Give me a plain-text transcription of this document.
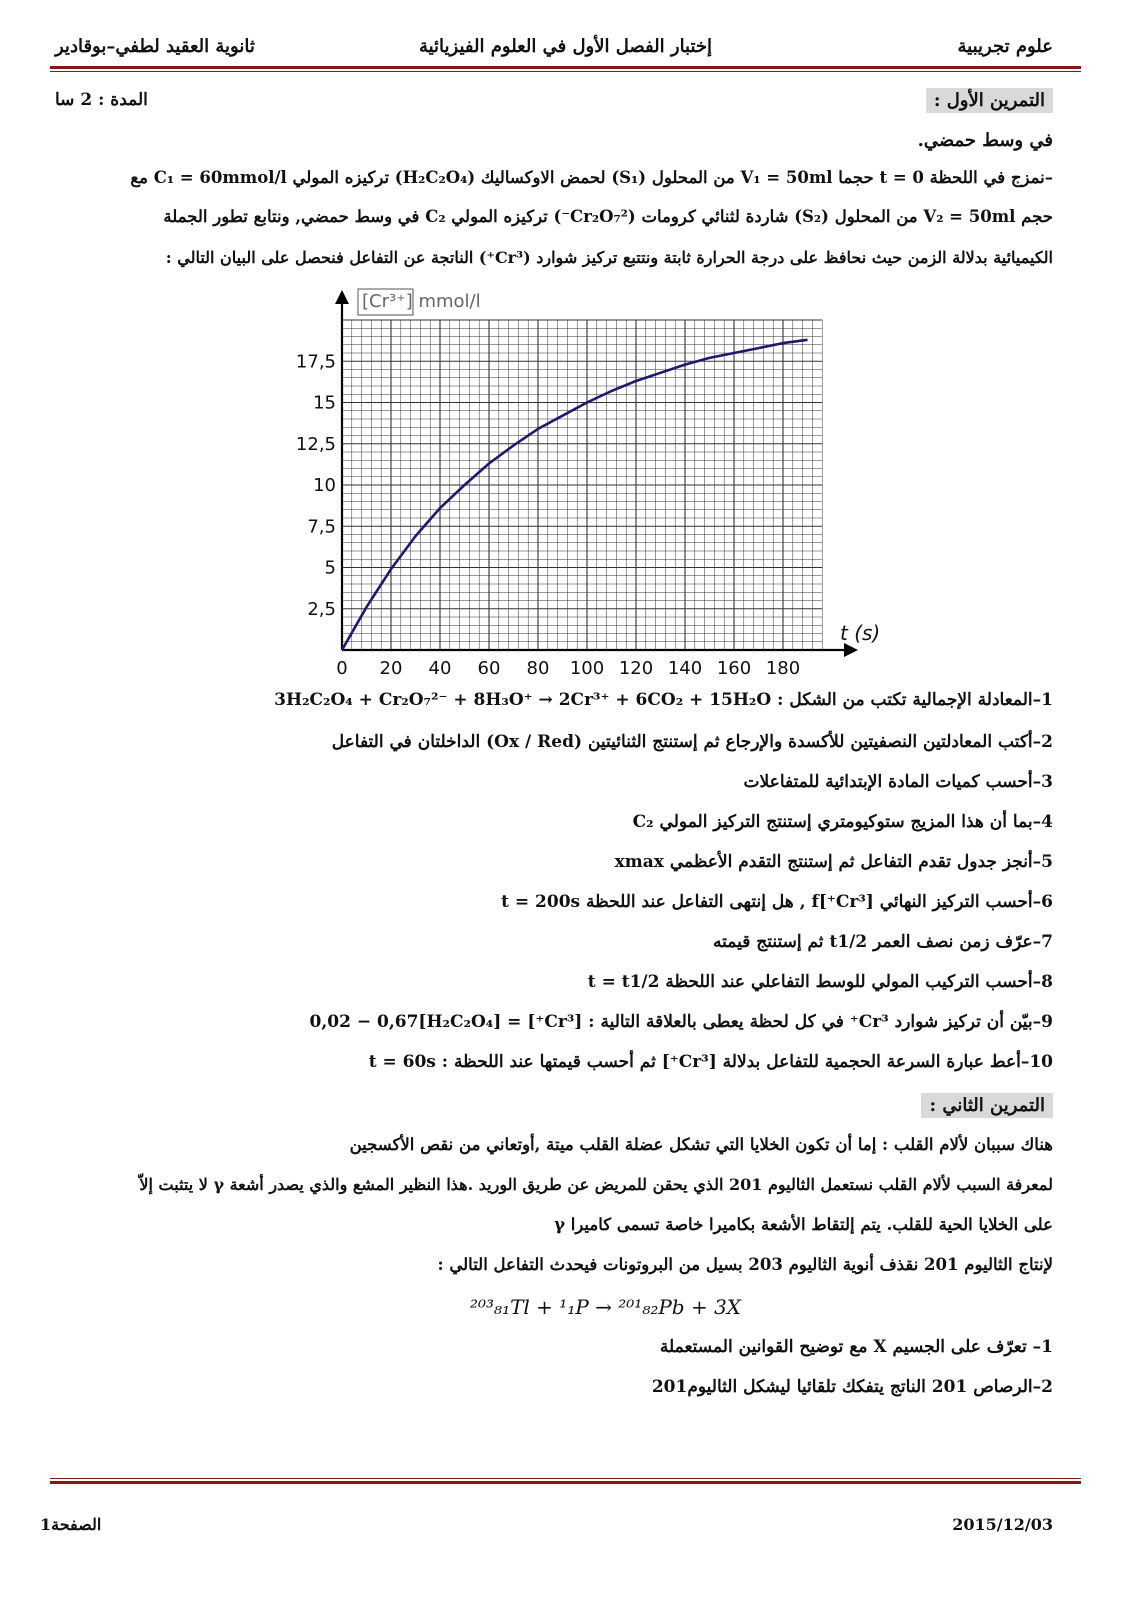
علوم تجريبية
إختبار الفصل الأول في العلوم الفيزيائية
ثانوية العقيد لطفي–بوقادير
التمرين الأول :
المدة : 2 سا
في وسط حمضي.
–نمزج في اللحظة t = 0 حجما V₁ = 50ml من المحلول (S₁) لحمض الاوكساليك (H₂C₂O₄) تركيزه المولي C₁ = 60mmol/l مع
حجم V₂ = 50ml من المحلول (S₂) شاردة لثنائي كرومات (Cr₂O₇²⁻) تركيزه المولي C₂ في وسط حمضي, ونتابع تطور الجملة
الكيميائية بدلالة الزمن حيث نحافظ على درجة الحرارة ثابتة ونتتبع تركيز شوارد (Cr³⁺) الناتجة عن التفاعل فنحصل على البيان التالي :
0 20 40 60 80 100 120 140 160 180
2,5
5
7,5
10
12,5
15
17,5
[Cr³⁺] mmol/l
t (s)
1–المعادلة الإجمالية تكتب من الشكل : 3H₂C₂O₄ + Cr₂O₇²⁻ + 8H₃O⁺ → 2Cr³⁺ + 6CO₂ + 15H₂O
2–أكتب المعادلتين النصفيتين للأكسدة والإرجاع ثم إستنتج الثنائيتين (Ox / Red) الداخلتان في التفاعل
3–أحسب كميات المادة الإبتدائية للمتفاعلات
4–بما أن هذا المزيج ستوكيومتري إستنتج التركيز المولي C₂
5–أنجز جدول تقدم التفاعل ثم إستنتج التقدم الأعظمي xmax
6–أحسب التركيز النهائي [Cr³⁺]f , هل إنتهى التفاعل عند اللحظة t = 200s
7–عرّف زمن نصف العمر t1/2 ثم إستنتج قيمته
8–أحسب التركيب المولي للوسط التفاعلي عند اللحظة t = t1/2
9–بيّن أن تركيز شوارد Cr³⁺ في كل لحظة يعطى بالعلاقة التالية : [Cr³⁺] = 0,02 − 0,67[H₂C₂O₄]
10–أعط عبارة السرعة الحجمية للتفاعل بدلالة [Cr³⁺] ثم أحسب قيمتها عند اللحظة : t = 60s
التمرين الثاني :
هناك سببان لألام القلب : إما أن تكون الخلايا التي تشكل عضلة القلب ميتة ,أوتعاني من نقص الأكسجين
لمعرفة السبب لألام القلب نستعمل الثاليوم 201 الذي يحقن للمريض عن طريق الوريد .هذا النظير المشع والذي يصدر أشعة γ لا يتثبت إلاّ
على الخلايا الحية للقلب. يتم إلتقاط الأشعة بكاميرا خاصة تسمى كاميرا γ
لإنتاج الثاليوم 201 نقذف أنوية الثاليوم 203 بسيل من البروتونات فيحدث التفاعل التالي :
²⁰³₈₁Tl + ¹₁P → ²⁰¹₈₂Pb + 3X
1– تعرّف على الجسيم X مع توضيح القوانين المستعملة
2–الرصاص 201 الناتج يتفكك تلقائيا ليشكل الثاليوم201
الصفحة1	2015/12/03
